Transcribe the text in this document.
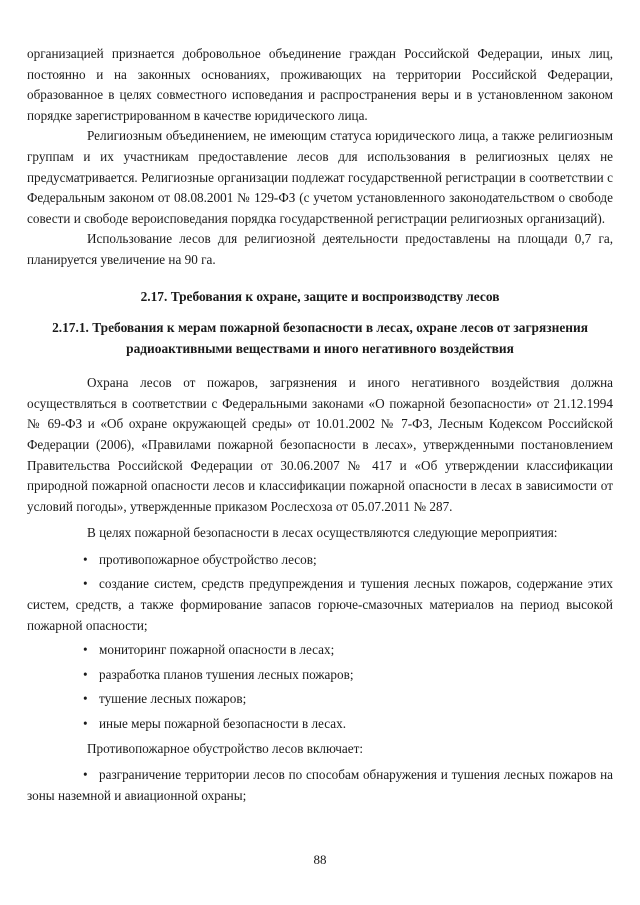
организацией признается добровольное объединение граждан Российской Федерации, иных лиц, постоянно и на законных основаниях, проживающих на территории Российской Федерации, образованное в целях совместного исповедания и распространения веры и в установленном законом порядке зарегистрированном в качестве юридического лица.

Религиозным объединением, не имеющим статуса юридического лица, а также религиозным группам и их участникам предоставление лесов для использования в религиозных целях не предусматривается. Религиозные организации подлежат государственной регистрации в соответствии с Федеральным законом от 08.08.2001 № 129-ФЗ (с учетом установленного законодательством о свободе совести и свободе вероисповедания порядка государственной регистрации религиозных организаций).

Использование лесов для религиозной деятельности предоставлены на площади 0,7 га, планируется увеличение на 90 га.

2.17. Требования к охране, защите и воспроизводству лесов
2.17.1. Требования к мерам пожарной безопасности в лесах, охране лесов от загрязнения радиоактивными веществами и иного негативного воздействия

Охрана лесов от пожаров, загрязнения и иного негативного воздействия должна осуществляться в соответствии с Федеральными законами «О пожарной безопасности» от 21.12.1994 № 69-ФЗ и «Об охране окружающей среды» от 10.01.2002 № 7-ФЗ, Лесным Кодексом Российской Федерации (2006), «Правилами пожарной безопасности в лесах», утвержденными постановлением Правительства Российской Федерации от 30.06.2007 № 417 и «Об утверждении классификации природной пожарной опасности лесов и классификации пожарной опасности в лесах в зависимости от условий погоды», утвержденные приказом Рослесхоза от 05.07.2011 № 287.

В целях пожарной безопасности в лесах осуществляются следующие мероприятия:

• противопожарное обустройство лесов;
• создание систем, средств предупреждения и тушения лесных пожаров, содержание этих систем, средств, а также формирование запасов горюче-смазочных материалов на период высокой пожарной опасности;
• мониторинг пожарной опасности в лесах;
• разработка планов тушения лесных пожаров;
• тушение лесных пожаров;
• иные меры пожарной безопасности в лесах.

Противопожарное обустройство лесов включает:

• разграничение территории лесов по способам обнаружения и тушения лесных пожаров на зоны наземной и авиационной охраны;
88
